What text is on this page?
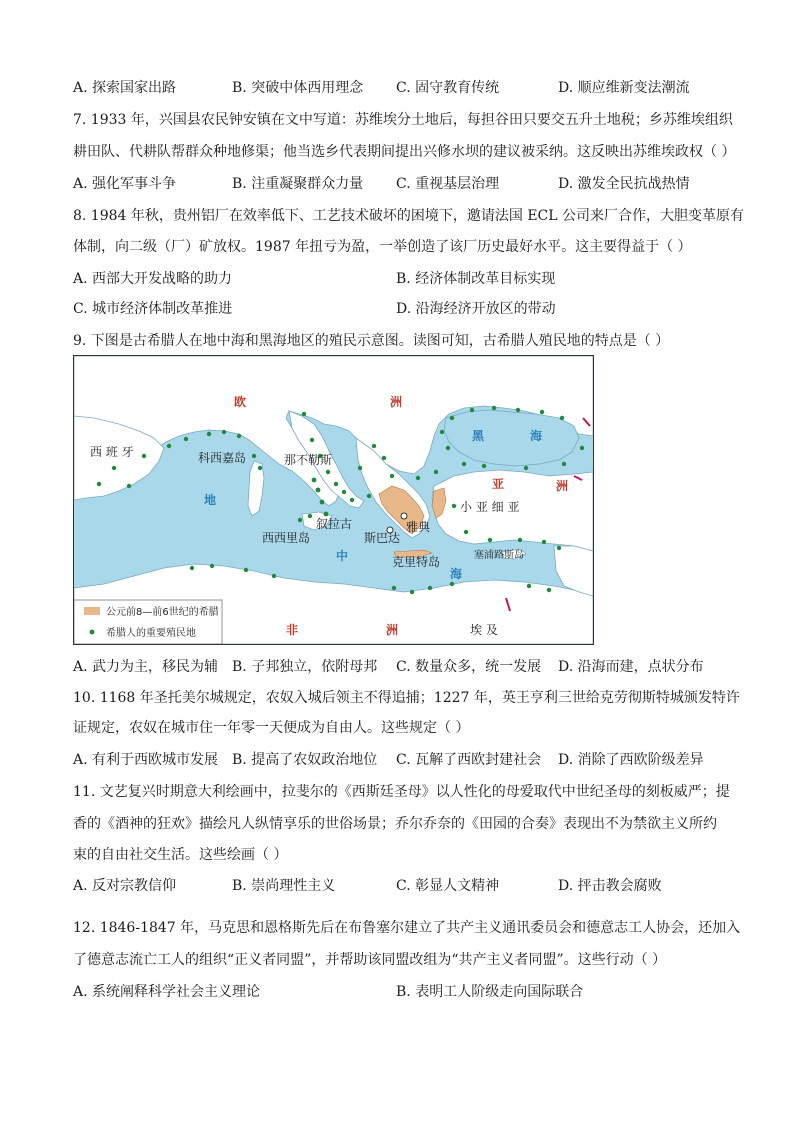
A. 探索国家出路	B. 突破中体西用理念 C. 固守教育传统	D. 顺应维新变法潮流
7. 1933 年，兴国县农民钟安镇在文中写道：苏维埃分土地后，每担谷田只要交五升土地税；乡苏维埃组织
耕田队、代耕队帮群众种地修渠；他当选乡代表期间提出兴修水坝的建议被采纳。这反映出苏维埃政权（ ）
A. 强化军事斗争	B. 注重凝聚群众力量 C. 重视基层治理	D. 激发全民抗战热情
8. 1984 年秋，贵州铝厂在效率低下、工艺技术破坏的困境下，邀请法国 ECL 公司来厂合作，大胆变革原有
体制，向二级（厂）矿放权。1987 年扭亏为盈，一举创造了该厂历史最好水平。这主要得益于（ ）
A. 西部大开发战略的助力	B. 经济体制改革目标实现
C. 城市经济体制改革推进	D. 沿海经济开放区的带动
9. 下图是古希腊人在地中海和黑海地区的殖民示意图。读图可知，古希腊人殖民地的特点是（ ）
欧	洲
西 班 牙	科西嘉岛	那不勒斯
黑	海
亚	洲
小 亚 细 亚
地
中
海
叙拉古	雅典
西西里岛	斯巴达
克里特岛	塞浦路斯岛
非	洲	埃 及
公元前8—前6世纪的希腊
希腊人的重要殖民地
A. 武力为主，移民为辅 B. 子邦独立，依附母邦 C. 数量众多，统一发展 D. 沿海而建，点状分布
10. 1168 年圣托美尔城规定，农奴入城后领主不得追捕；1227 年，英王亨利三世给克劳彻斯特城颁发特许
证规定，农奴在城市住一年零一天便成为自由人。这些规定（ ）
A. 有利于西欧城市发展 B. 提高了农奴政治地位 C. 瓦解了西欧封建社会 D. 消除了西欧阶级差异
11. 文艺复兴时期意大利绘画中，拉斐尔的《西斯廷圣母》以人性化的母爱取代中世纪圣母的刻板威严；提
香的《酒神的狂欢》描绘凡人纵情享乐的世俗场景；乔尔乔奈的《田园的合奏》表现出不为禁欲主义所约
束的自由社交生活。这些绘画（ ）
A. 反对宗教信仰	B. 崇尚理性主义	C. 彰显人文精神	D. 抨击教会腐败
12. 1846-1847 年，马克思和恩格斯先后在布鲁塞尔建立了共产主义通讯委员会和德意志工人协会，还加入
了德意志流亡工人的组织“正义者同盟”，并帮助该同盟改组为“共产主义者同盟”。这些行动（ ）
A. 系统阐释科学社会主义理论	B. 表明工人阶级走向国际联合
